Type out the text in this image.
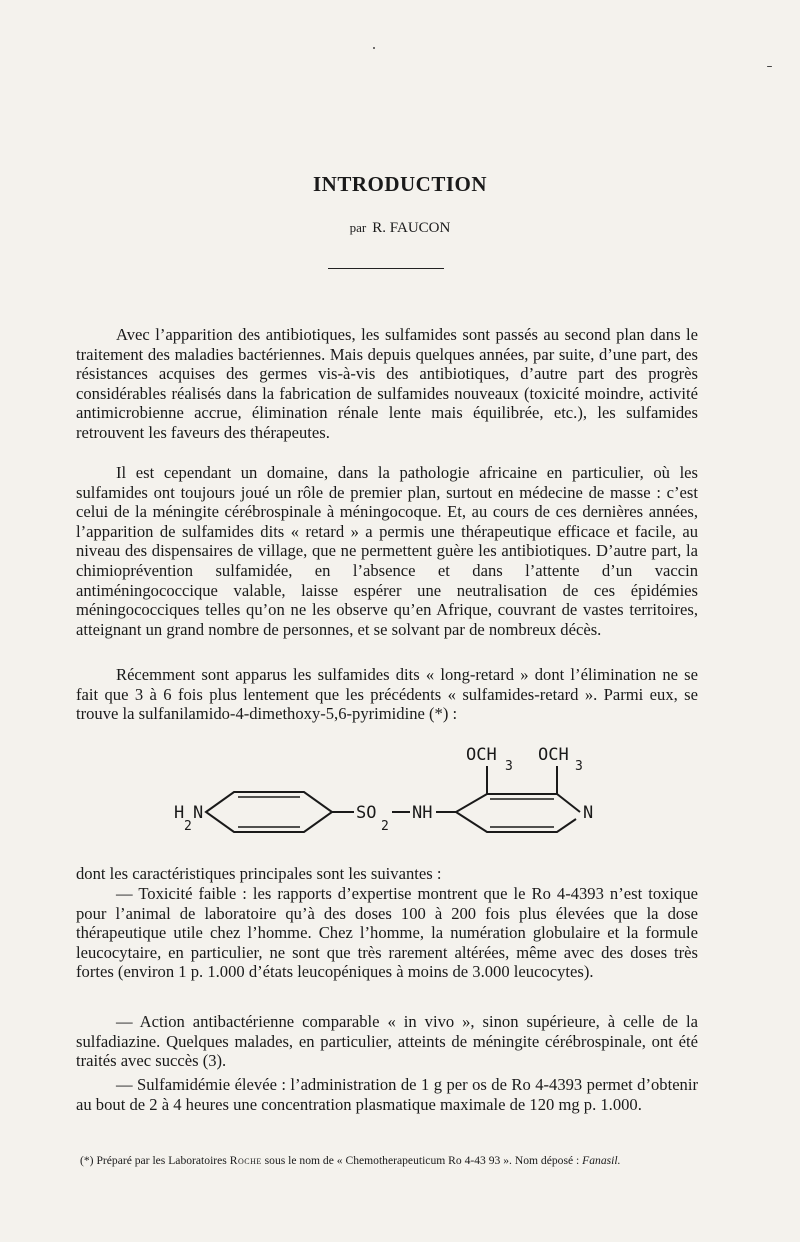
INTRODUCTION
par R. FAUCON

Avec l’apparition des antibiotiques, les sulfamides sont passés au second plan dans le traitement des maladies bactériennes. Mais depuis quelques années, par suite, d’une part, des résistances acquises des germes vis-à-vis des antibiotiques, d’autre part des progrès considérables réalisés dans la fabrication de sulfamides nouveaux (toxicité moindre, activité antimicrobienne accrue, élimination rénale lente mais équilibrée, etc.), les sulfamides retrouvent les faveurs des thérapeutes.

Il est cependant un domaine, dans la pathologie africaine en particulier, où les sulfamides ont toujours joué un rôle de premier plan, surtout en médecine de masse : c’est celui de la méningite cérébrospinale à méningocoque. Et, au cours de ces dernières années, l’apparition de sulfamides dits « retard » a permis une thérapeutique efficace et facile, au niveau des dispensaires de village, que ne permettent guère les antibiotiques. D’autre part, la chimioprévention sulfamidée, en l’absence et dans l’attente d’un vaccin antiméningococcique valable, laisse espérer une neutralisation de ces épidémies méningococciques telles qu’on ne les observe qu’en Afrique, couvrant de vastes territoires, atteignant un grand nombre de personnes, et se solvant par de nombreux décès.

Récemment sont apparus les sulfamides dits « long-retard » dont l’élimination ne se fait que 3 à 6 fois plus lentement que les précédents « sulfamides-retard ». Parmi eux, se trouve la sulfanilamido-4-dimethoxy-5,6-pyrimidine (*) :

OCH
3
OCH
3
H
2
N	SO
2
NH	N

dont les caractéristiques principales sont les suivantes :

— Toxicité faible : les rapports d’expertise montrent que le Ro 4-4393 n’est toxique pour l’animal de laboratoire qu’à des doses 100 à 200 fois plus élevées que la dose thérapeutique utile chez l’homme. Chez l’homme, la numération globulaire et la formule leucocytaire, en particulier, ne sont que très rarement altérées, même avec des doses très fortes (environ 1 p. 1.000 d’états leucopéniques à moins de 3.000 leucocytes).

— Action antibactérienne comparable « in vivo », sinon supérieure, à celle de la sulfadiazine. Quelques malades, en particulier, atteints de méningite cérébrospinale, ont été traités avec succès (3).

— Sulfamidémie élevée : l’administration de 1 g per os de Ro 4-4393 permet d’obtenir au bout de 2 à 4 heures une concentration plasmatique maximale de 120 mg p. 1.000.

(*) Préparé par les Laboratoires Roche sous le nom de « Chemotherapeuticum Ro 4-43 93 ». Nom déposé : Fanasil.
